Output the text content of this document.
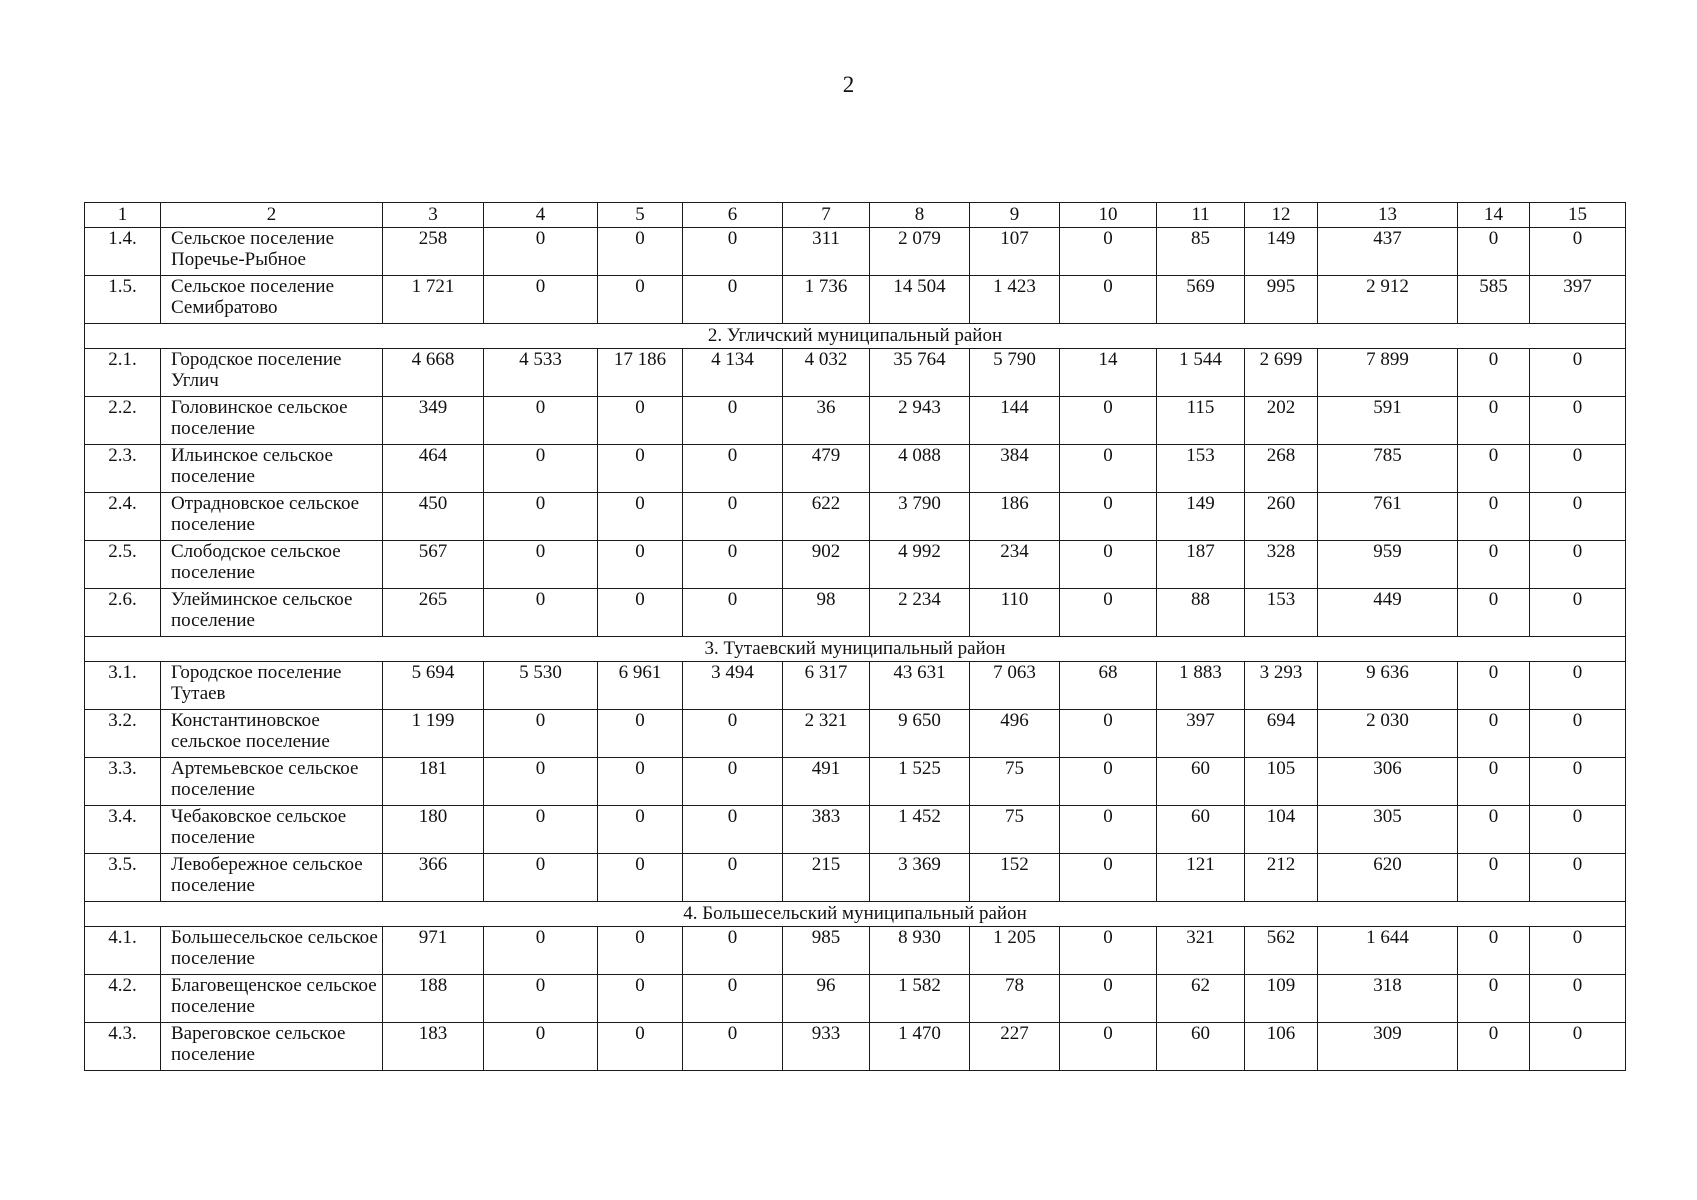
2
1	2	3	4	5	6	7	8	9	10	11	12	13	14	15
1.4.	Сельское поселение Поречье-Рыбное	258	0	0	0	311	2 079	107	0	85	149	437	0	0
1.5.	Сельское поселение Семибратово	1 721	0	0	0	1 736	14 504	1 423	0	569	995	2 912	585	397
2. Угличский муниципальный район														
2.1.	Городское поселение Углич	4 668	4 533	17 186	4 134	4 032	35 764	5 790	14	1 544	2 699	7 899	0	0
2.2.	Головинское сельское поселение	349	0	0	0	36	2 943	144	0	115	202	591	0	0
2.3.	Ильинское сельское поселение	464	0	0	0	479	4 088	384	0	153	268	785	0	0
2.4.	Отрадновское сельское поселение	450	0	0	0	622	3 790	186	0	149	260	761	0	0
2.5.	Слободское сельское поселение	567	0	0	0	902	4 992	234	0	187	328	959	0	0
2.6.	Улейминское сельское поселение	265	0	0	0	98	2 234	110	0	88	153	449	0	0
3. Тутаевский муниципальный район														
3.1.	Городское поселение Тутаев	5 694	5 530	6 961	3 494	6 317	43 631	7 063	68	1 883	3 293	9 636	0	0
3.2.	Константиновское сельское поселение	1 199	0	0	0	2 321	9 650	496	0	397	694	2 030	0	0
3.3.	Артемьевское сельское поселение	181	0	0	0	491	1 525	75	0	60	105	306	0	0
3.4.	Чебаковское сельское поселение	180	0	0	0	383	1 452	75	0	60	104	305	0	0
3.5.	Левобережное сельское поселение	366	0	0	0	215	3 369	152	0	121	212	620	0	0
4. Большесельский муниципальный район														
4.1.	Большесельское сельское поселение	971	0	0	0	985	8 930	1 205	0	321	562	1 644	0	0
4.2.	Благовещенское сельское поселение	188	0	0	0	96	1 582	78	0	62	109	318	0	0
4.3.	Вареговское сельское поселение	183	0	0	0	933	1 470	227	0	60	106	309	0	0
